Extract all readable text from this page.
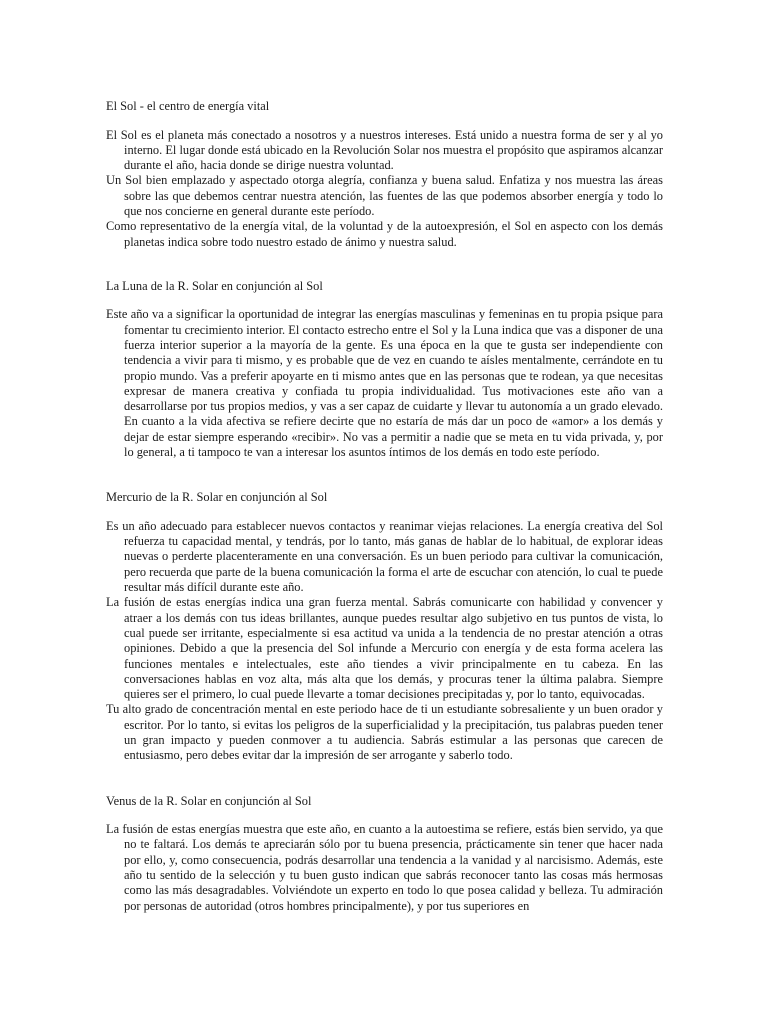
El Sol - el centro de energía vital

El Sol es el planeta más conectado a nosotros y a nuestros intereses. Está unido a nuestra forma de ser y al yo interno. El lugar donde está ubicado en la Revolución Solar nos muestra el propósito que aspiramos alcanzar durante el año, hacia donde se dirige nuestra voluntad.

Un Sol bien emplazado y aspectado otorga alegría, confianza y buena salud. Enfatiza y nos muestra las áreas sobre las que debemos centrar nuestra atención, las fuentes de las que podemos absorber energía y todo lo que nos concierne en general durante este período.

Como representativo de la energía vital, de la voluntad y de la autoexpresión, el Sol en aspecto con los demás planetas indica sobre todo nuestro estado de ánimo y nuestra salud.

La Luna de la R. Solar en conjunción al Sol

Este año va a significar la oportunidad de integrar las energías masculinas y femeninas en tu propia psique para fomentar tu crecimiento interior. El contacto estrecho entre el Sol y la Luna indica que vas a disponer de una fuerza interior superior a la mayoría de la gente. Es una época en la que te gusta ser independiente con tendencia a vivir para ti mismo, y es probable que de vez en cuando te aísles mentalmente, cerrándote en tu propio mundo. Vas a preferir apoyarte en ti mismo antes que en las personas que te rodean, ya que necesitas expresar de manera creativa y confiada tu propia individualidad. Tus motivaciones este año van a desarrollarse por tus propios medios, y vas a ser capaz de cuidarte y llevar tu autonomía a un grado elevado. En cuanto a la vida afectiva se refiere decirte que no estaría de más dar un poco de «amor» a los demás y dejar de estar siempre esperando «recibir». No vas a permitir a nadie que se meta en tu vida privada, y, por lo general, a ti tampoco te van a interesar los asuntos íntimos de los demás en todo este período.

Mercurio de la R. Solar en conjunción al Sol

Es un año adecuado para establecer nuevos contactos y reanimar viejas relaciones. La energía creativa del Sol refuerza tu capacidad mental, y tendrás, por lo tanto, más ganas de hablar de lo habitual, de explorar ideas nuevas o perderte placenteramente en una conversación. Es un buen periodo para cultivar la comunicación, pero recuerda que parte de la buena comunicación la forma el arte de escuchar con atención, lo cual te puede resultar más difícil durante este año.

La fusión de estas energías indica una gran fuerza mental. Sabrás comunicarte con habilidad y convencer y atraer a los demás con tus ideas brillantes, aunque puedes resultar algo subjetivo en tus puntos de vista, lo cual puede ser irritante, especialmente si esa actitud va unida a la tendencia de no prestar atención a otras opiniones. Debido a que la presencia del Sol infunde a Mercurio con energía y de esta forma acelera las funciones mentales e intelectuales, este año tiendes a vivir principalmente en tu cabeza. En las conversaciones hablas en voz alta, más alta que los demás, y procuras tener la última palabra. Siempre quieres ser el primero, lo cual puede llevarte a tomar decisiones precipitadas y, por lo tanto, equivocadas.

Tu alto grado de concentración mental en este periodo hace de ti un estudiante sobresaliente y un buen orador y escritor. Por lo tanto, si evitas los peligros de la superficialidad y la precipitación, tus palabras pueden tener un gran impacto y pueden conmover a tu audiencia. Sabrás estimular a las personas que carecen de entusiasmo, pero debes evitar dar la impresión de ser arrogante y saberlo todo.

Venus de la R. Solar en conjunción al Sol

La fusión de estas energías muestra que este año, en cuanto a la autoestima se refiere, estás bien servido, ya que no te faltará. Los demás te apreciarán sólo por tu buena presencia, prácticamente sin tener que hacer nada por ello, y, como consecuencia, podrás desarrollar una tendencia a la vanidad y al narcisismo. Además, este año tu sentido de la selección y tu buen gusto indican que sabrás reconocer tanto las cosas más hermosas como las más desagradables. Volviéndote un experto en todo lo que posea calidad y belleza. Tu admiración por personas de autoridad (otros hombres principalmente), y por tus superiores en
